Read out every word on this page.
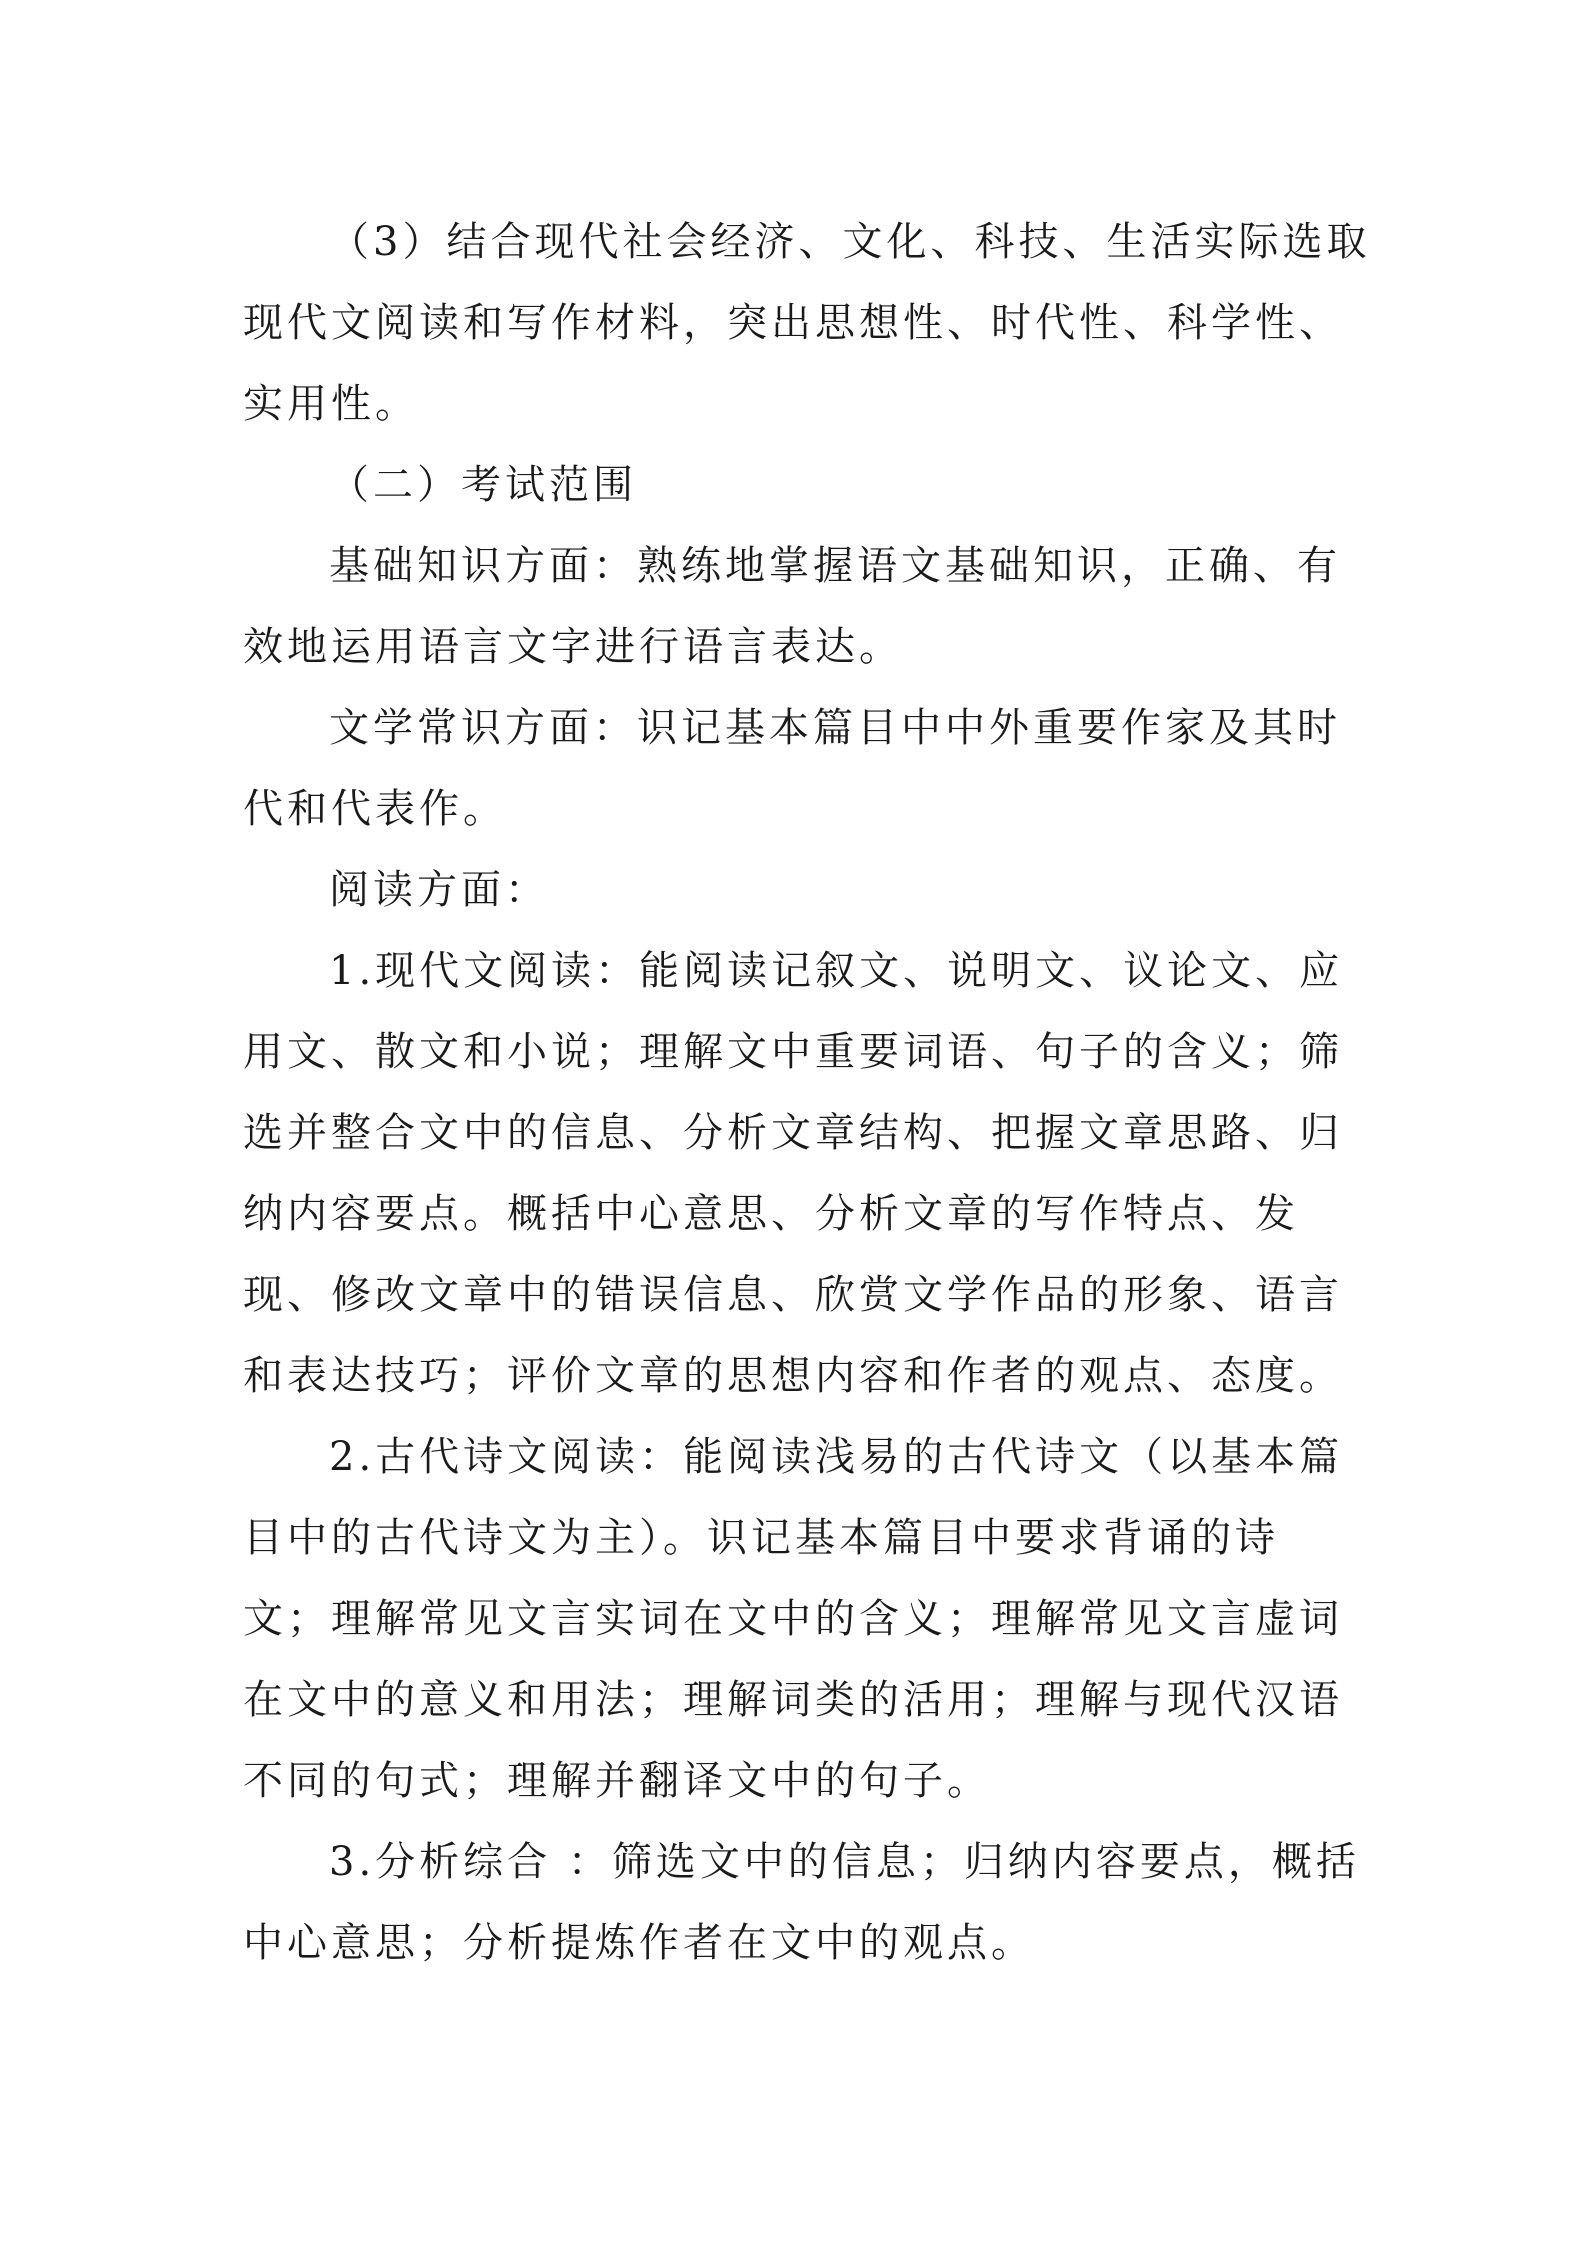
（3）结合现代社会经济、文化、科技、生活实际选取
现代文阅读和写作材料，突出思想性、时代性、科学性、
实用性。
（二）考试范围
基础知识方面：熟练地掌握语文基础知识，正确、有
效地运用语言文字进行语言表达。
文学常识方面：识记基本篇目中中外重要作家及其时
代和代表作。
阅读方面：
1.现代文阅读：能阅读记叙文、说明文、议论文、应
用文、散文和小说；理解文中重要词语、句子的含义；筛
选并整合文中的信息、分析文章结构、把握文章思路、归
纳内容要点。概括中心意思、分析文章的写作特点、发
现、修改文章中的错误信息、欣赏文学作品的形象、语言
和表达技巧；评价文章的思想内容和作者的观点、态度。
2.古代诗文阅读：能阅读浅易的古代诗文（以基本篇
目中的古代诗文为主）。识记基本篇目中要求背诵的诗
文；理解常见文言实词在文中的含义；理解常见文言虚词
在文中的意义和用法；理解词类的活用；理解与现代汉语
不同的句式；理解并翻译文中的句子。
3.分析综合 ：筛选文中的信息；归纳内容要点，概括
中心意思；分析提炼作者在文中的观点。
